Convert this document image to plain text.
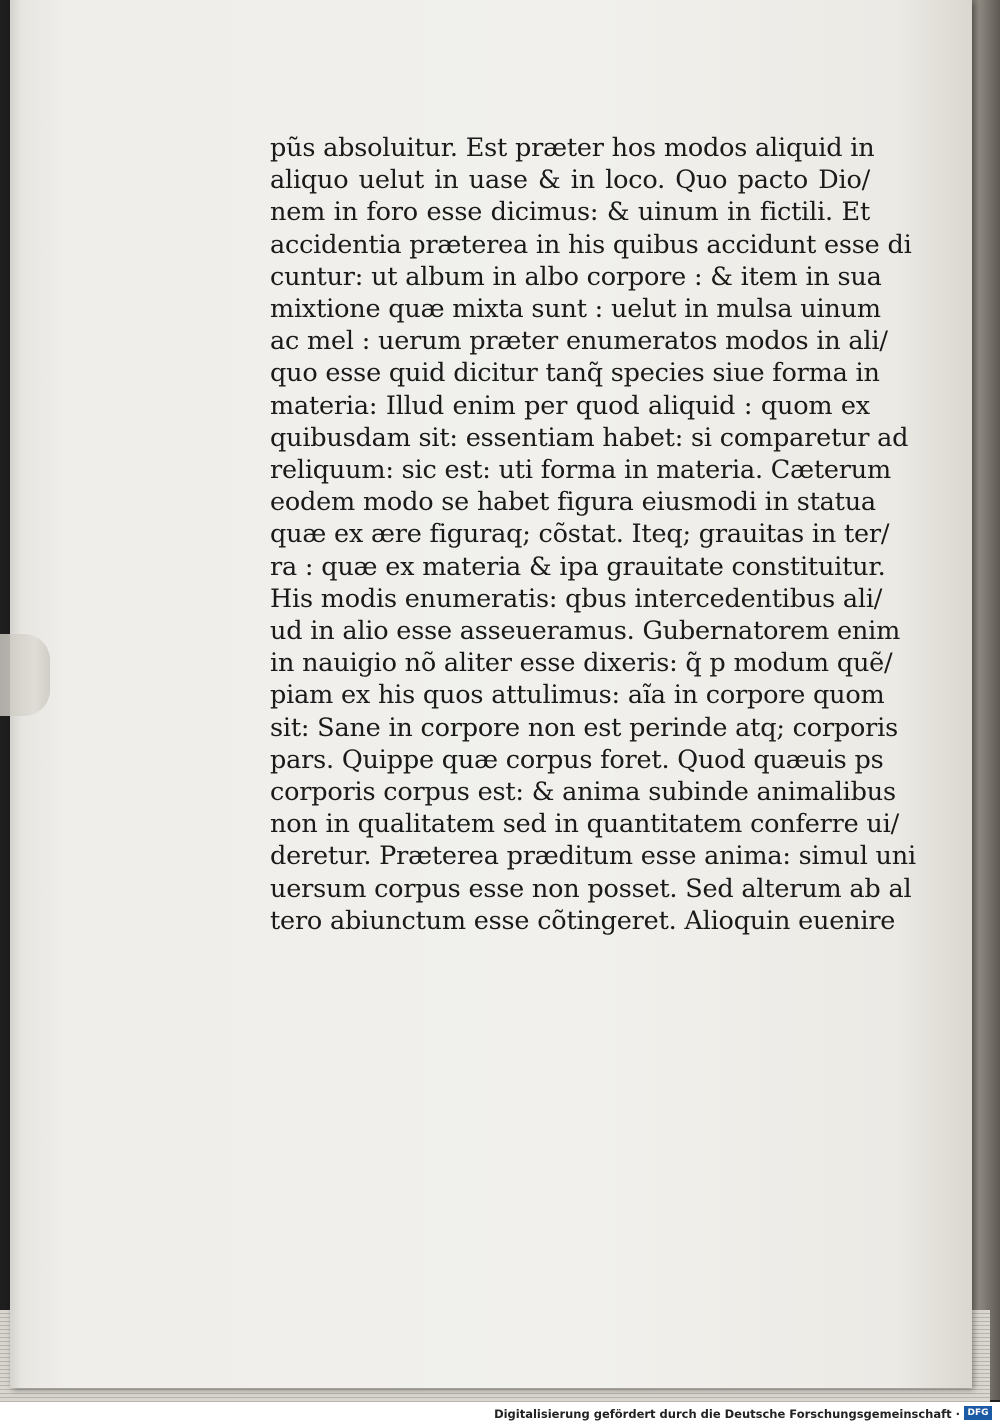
pũs absoluitur. Est præter hos modos aliquid in
aliquo uelut in uase & in loco. Quo pacto Dio/
nem in foro esse dicimus: & uinum in fictili. Et
accidentia præterea in his quibus accidunt esse di
cuntur: ut album in albo corpore : & item in sua
mixtione quæ mixta sunt : uelut in mulsa uinum
ac mel : uerum præter enumeratos modos in ali/
quo esse quid dicitur tanq̃ species siue forma in
materia: Illud enim per quod aliquid : quom ex
quibusdam sit: essentiam habet: si comparetur ad
reliquum: sic est: uti forma in materia. Cæterum
eodem modo se habet figura eiusmodi in statua
quæ ex ære figuraq; cõstat. Iteq; grauitas in ter/
ra : quæ ex materia & ipa grauitate constituitur.
His modis enumeratis: qbus intercedentibus ali/
ud in alio esse asseueramus. Gubernatorem enim
in nauigio nõ aliter esse dixeris: q̃ p modum quẽ/
piam ex his quos attulimus: aĩa in corpore quom
sit: Sane in corpore non est perinde atq; corporis
pars. Quippe quæ corpus foret. Quod quæuis ps
corporis corpus est: & anima subinde animalibus
non in qualitatem sed in quantitatem conferre ui/
deretur. Præterea præditum esse anima: simul uni
uersum corpus esse non posset. Sed alterum ab al
tero abiunctum esse cõtingeret. Alioquin euenire
Digitalisierung gefördert durch die Deutsche Forschungsgemeinschaft · DFG
